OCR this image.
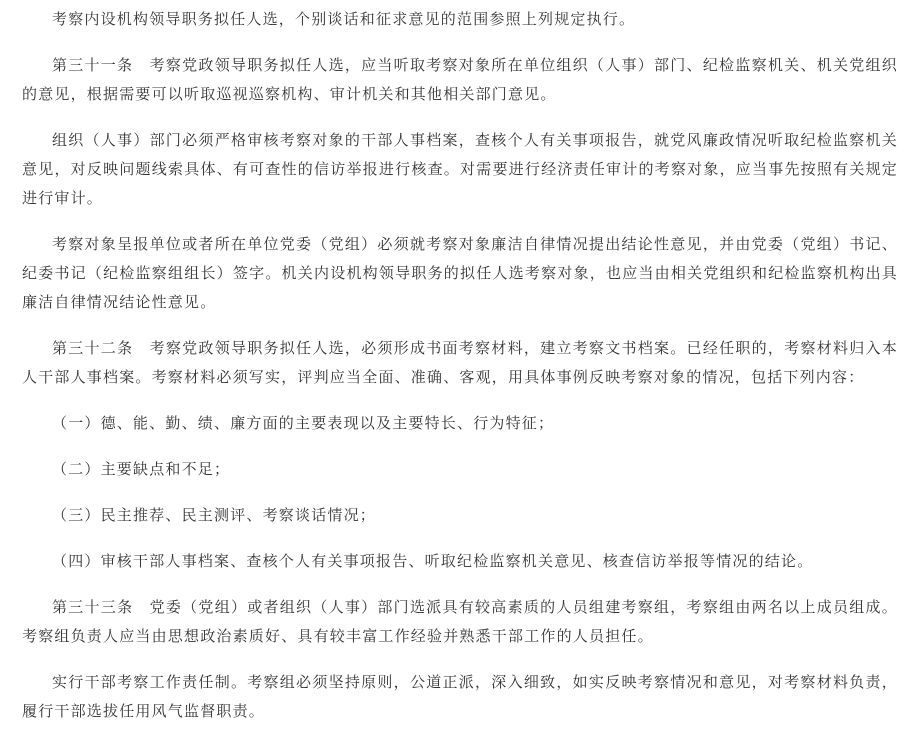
考察内设机构领导职务拟任人选，个别谈话和征求意见的范围参照上列规定执行。

第三十一条　考察党政领导职务拟任人选，应当听取考察对象所在单位组织（人事）部门、纪检监察机关、机关党组织的意见，根据需要可以听取巡视巡察机构、审计机关和其他相关部门意见。

组织（人事）部门必须严格审核考察对象的干部人事档案，查核个人有关事项报告，就党风廉政情况听取纪检监察机关意见，对反映问题线索具体、有可查性的信访举报进行核查。对需要进行经济责任审计的考察对象，应当事先按照有关规定进行审计。

考察对象呈报单位或者所在单位党委（党组）必须就考察对象廉洁自律情况提出结论性意见，并由党委（党组）书记、纪委书记（纪检监察组组长）签字。机关内设机构领导职务的拟任人选考察对象，也应当由相关党组织和纪检监察机构出具廉洁自律情况结论性意见。

第三十二条　考察党政领导职务拟任人选，必须形成书面考察材料，建立考察文书档案。已经任职的，考察材料归入本人干部人事档案。考察材料必须写实，评判应当全面、准确、客观，用具体事例反映考察对象的情况，包括下列内容：

（一）德、能、勤、绩、廉方面的主要表现以及主要特长、行为特征；

（二）主要缺点和不足；

（三）民主推荐、民主测评、考察谈话情况；

（四）审核干部人事档案、查核个人有关事项报告、听取纪检监察机关意见、核查信访举报等情况的结论。

第三十三条　党委（党组）或者组织（人事）部门选派具有较高素质的人员组建考察组，考察组由两名以上成员组成。考察组负责人应当由思想政治素质好、具有较丰富工作经验并熟悉干部工作的人员担任。

实行干部考察工作责任制。考察组必须坚持原则，公道正派，深入细致，如实反映考察情况和意见，对考察材料负责，履行干部选拔任用风气监督职责。
